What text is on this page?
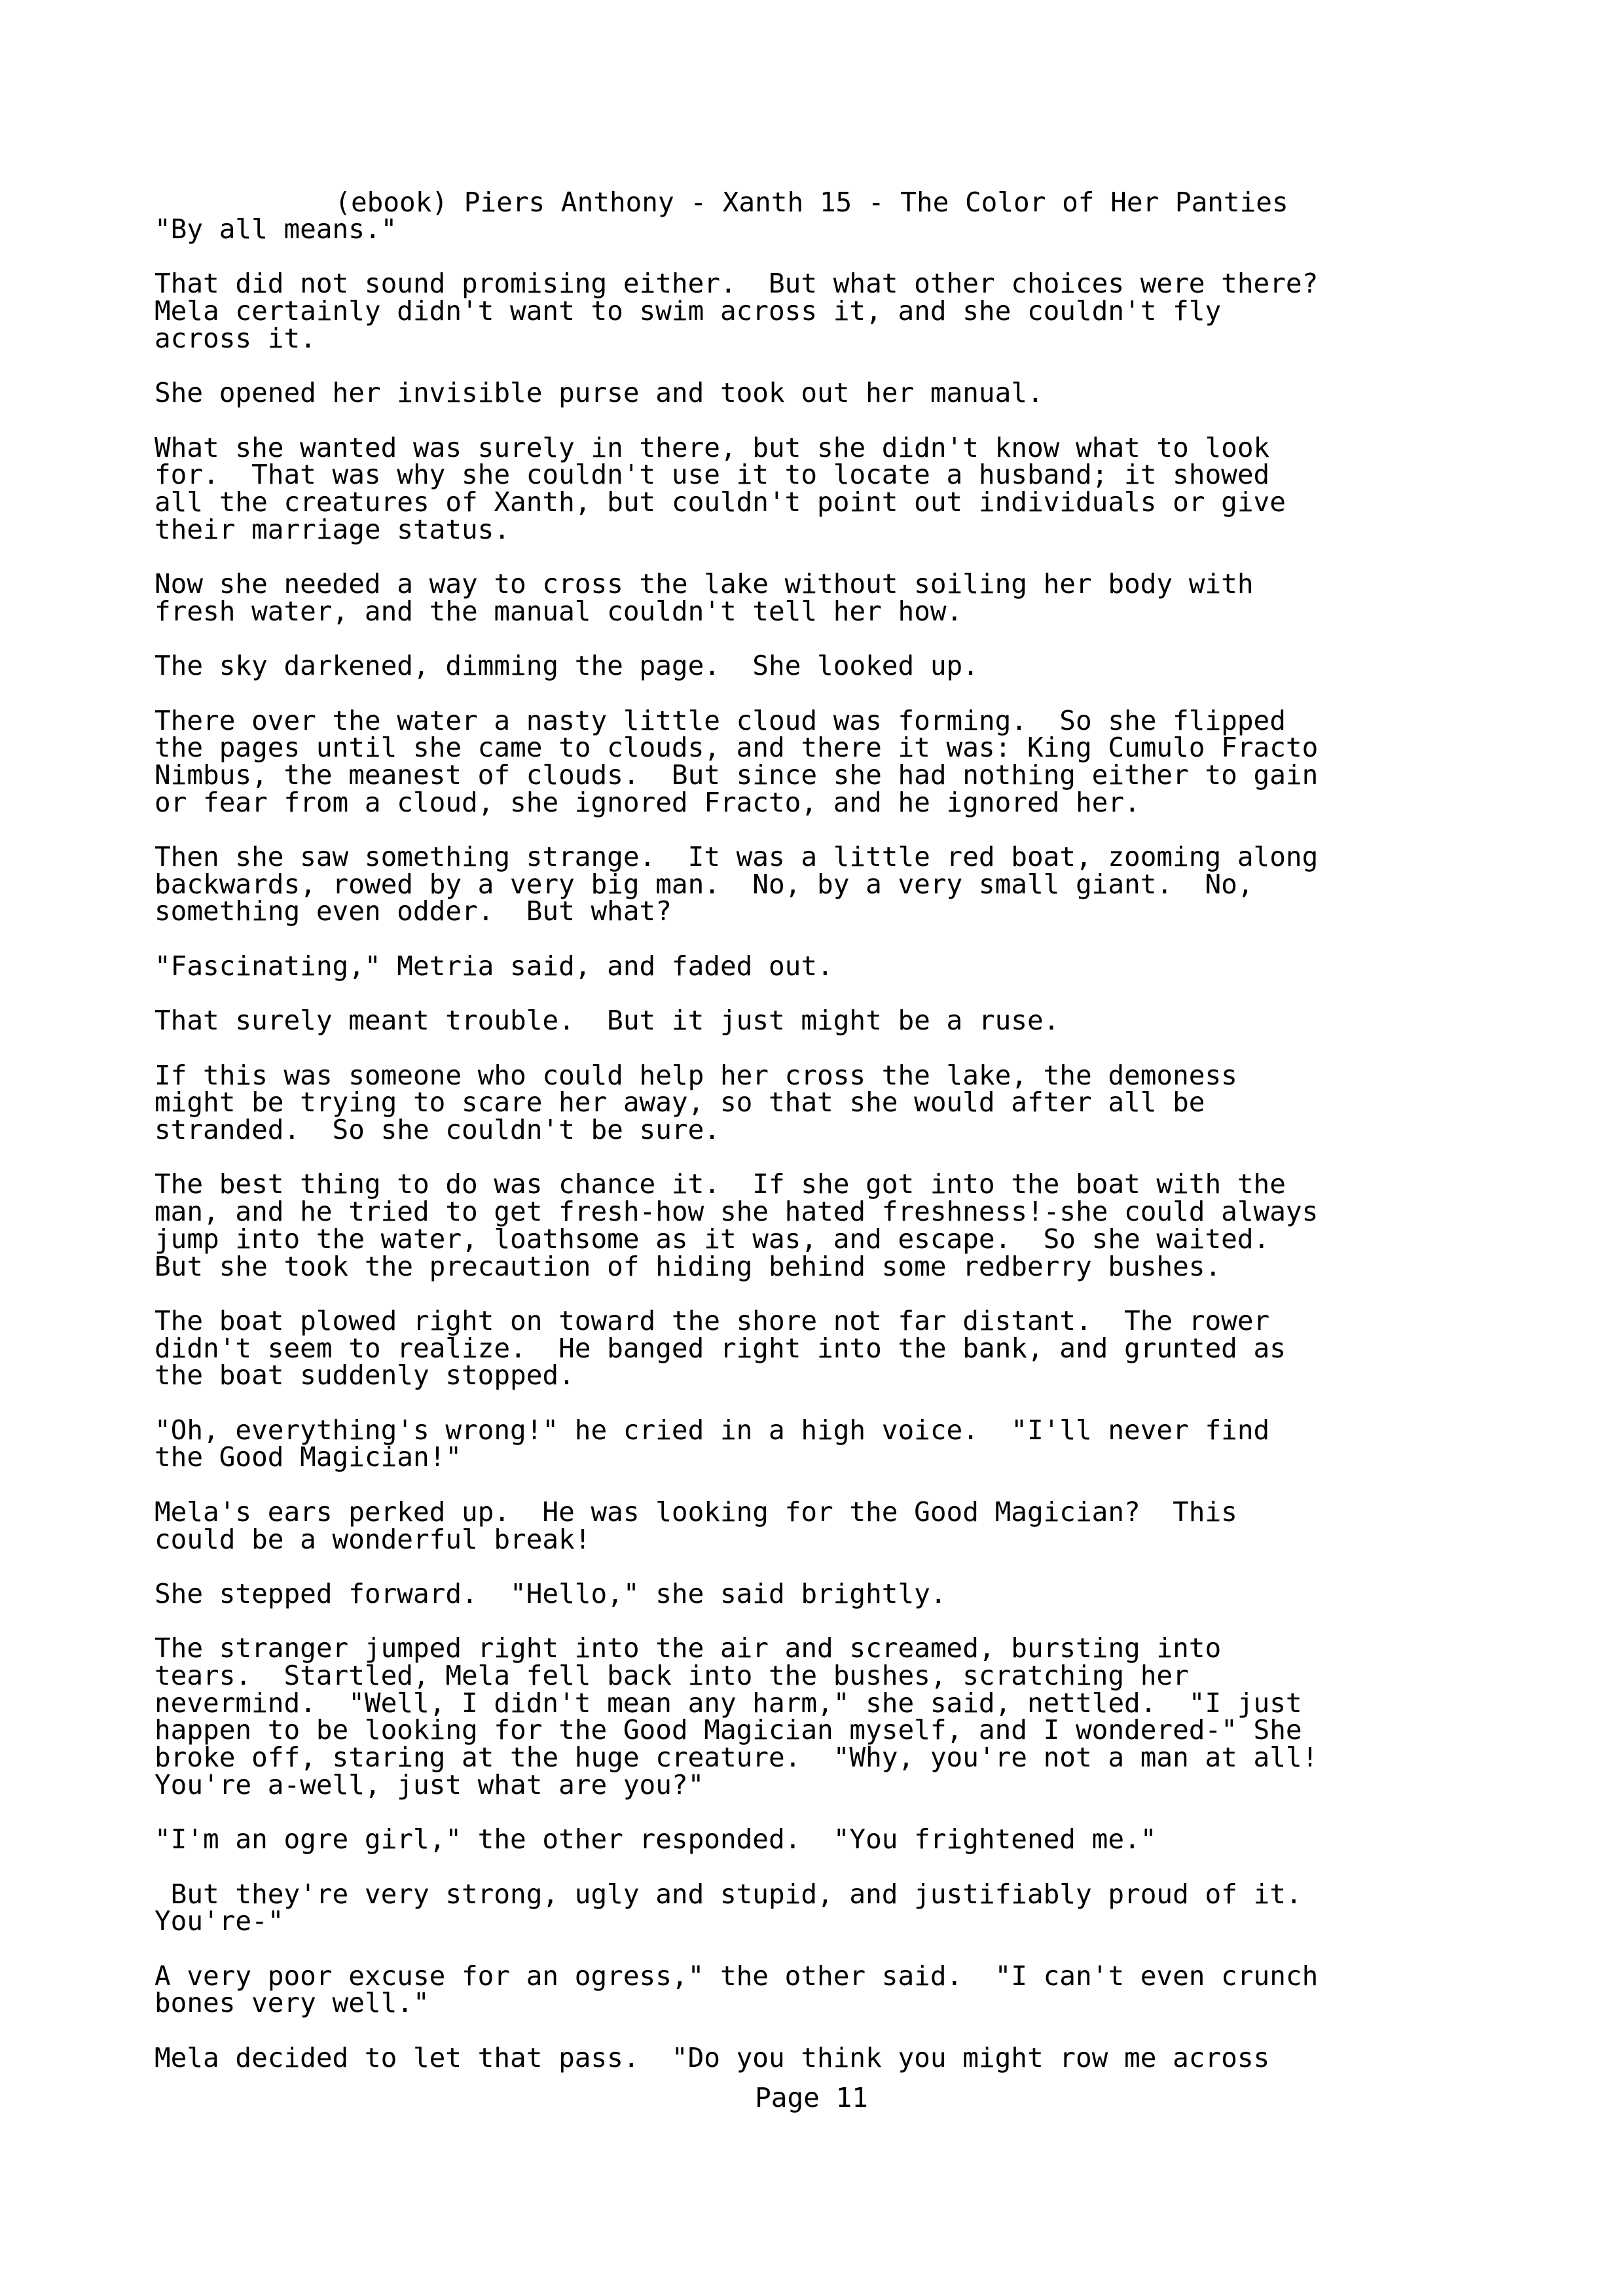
(ebook) Piers Anthony - Xanth 15 - The Color of Her Panties

"By all means."

That did not sound promising either.  But what other choices were there?
Mela certainly didn't want to swim across it, and she couldn't fly
across it.

She opened her invisible purse and took out her manual.

What she wanted was surely in there, but she didn't know what to look
for.  That was why she couldn't use it to locate a husband; it showed
all the creatures of Xanth, but couldn't point out individuals or give
their marriage status.

Now she needed a way to cross the lake without soiling her body with
fresh water, and the manual couldn't tell her how.

The sky darkened, dimming the page.  She looked up.

There over the water a nasty little cloud was forming.  So she flipped
the pages until she came to clouds, and there it was: King Cumulo Fracto
Nimbus, the meanest of clouds.  But since she had nothing either to gain
or fear from a cloud, she ignored Fracto, and he ignored her.

Then she saw something strange.  It was a little red boat, zooming along
backwards, rowed by a very big man.  No, by a very small giant.  No,
something even odder.  But what?

"Fascinating," Metria said, and faded out.

That surely meant trouble.  But it just might be a ruse.

If this was someone who could help her cross the lake, the demoness
might be trying to scare her away, so that she would after all be
stranded.  So she couldn't be sure.

The best thing to do was chance it.  If she got into the boat with the
man, and he tried to get fresh-how she hated freshness!-she could always
jump into the water, loathsome as it was, and escape.  So she waited.
But she took the precaution of hiding behind some redberry bushes.

The boat plowed right on toward the shore not far distant.  The rower
didn't seem to realize.  He banged right into the bank, and grunted as
the boat suddenly stopped.

"Oh, everything's wrong!" he cried in a high voice.  "I'll never find
the Good Magician!"

Mela's ears perked up.  He was looking for the Good Magician?  This
could be a wonderful break!

She stepped forward.  "Hello," she said brightly.

The stranger jumped right into the air and screamed, bursting into
tears.  Startled, Mela fell back into the bushes, scratching her
nevermind.  "Well, I didn't mean any harm," she said, nettled.  "I just
happen to be looking for the Good Magician myself, and I wondered-" She
broke off, staring at the huge creature.  "Why, you're not a man at all!
You're a-well, just what are you?"

"I'm an ogre girl," the other responded.  "You frightened me."

But they're very strong, ugly and stupid, and justifiably proud of it.
You're-"

A very poor excuse for an ogress," the other said.  "I can't even crunch
bones very well."

Mela decided to let that pass.  "Do you think you might row me across

Page 11
